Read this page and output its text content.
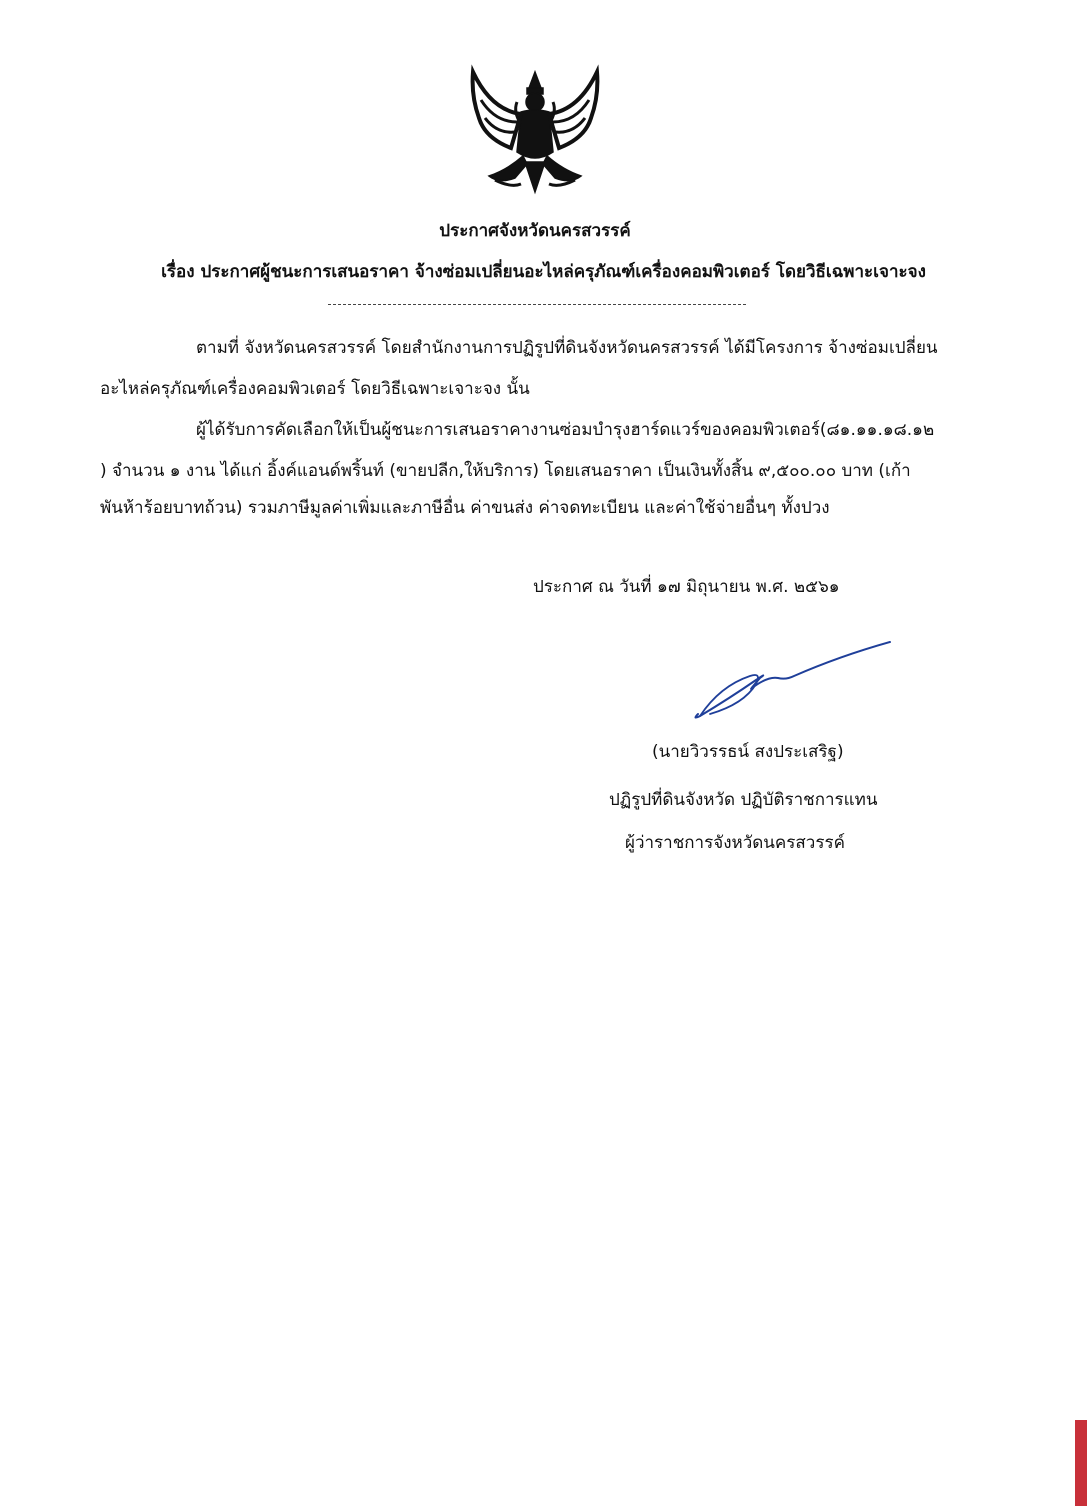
ประกาศจังหวัดนครสวรรค์
เรื่อง ประกาศผู้ชนะการเสนอราคา จ้างซ่อมเปลี่ยนอะไหล่ครุภัณฑ์เครื่องคอมพิวเตอร์ โดยวิธีเฉพาะเจาะจง
ตามที่ จังหวัดนครสวรรค์ โดยสำนักงานการปฏิรูปที่ดินจังหวัดนครสวรรค์ ได้มีโครงการ จ้างซ่อมเปลี่ยน
อะไหล่ครุภัณฑ์เครื่องคอมพิวเตอร์ โดยวิธีเฉพาะเจาะจง นั้น
ผู้ได้รับการคัดเลือกให้เป็นผู้ชนะการเสนอราคางานซ่อมบำรุงฮาร์ดแวร์ของคอมพิวเตอร์(๘๑.๑๑.๑๘.๑๒
) จำนวน ๑ งาน ได้แก่ อิ้งค์แอนด์พริ้นท์ (ขายปลีก,ให้บริการ) โดยเสนอราคา เป็นเงินทั้งสิ้น ๙,๕๐๐.๐๐ บาท (เก้า
พันห้าร้อยบาทถ้วน) รวมภาษีมูลค่าเพิ่มและภาษีอื่น ค่าขนส่ง ค่าจดทะเบียน และค่าใช้จ่ายอื่นๆ ทั้งปวง
ประกาศ ณ วันที่ ๑๗ มิถุนายน พ.ศ. ๒๕๖๑
(นายวิวรรธน์ สงประเสริฐ)
ปฏิรูปที่ดินจังหวัด ปฏิบัติราชการแทน
ผู้ว่าราชการจังหวัดนครสวรรค์
